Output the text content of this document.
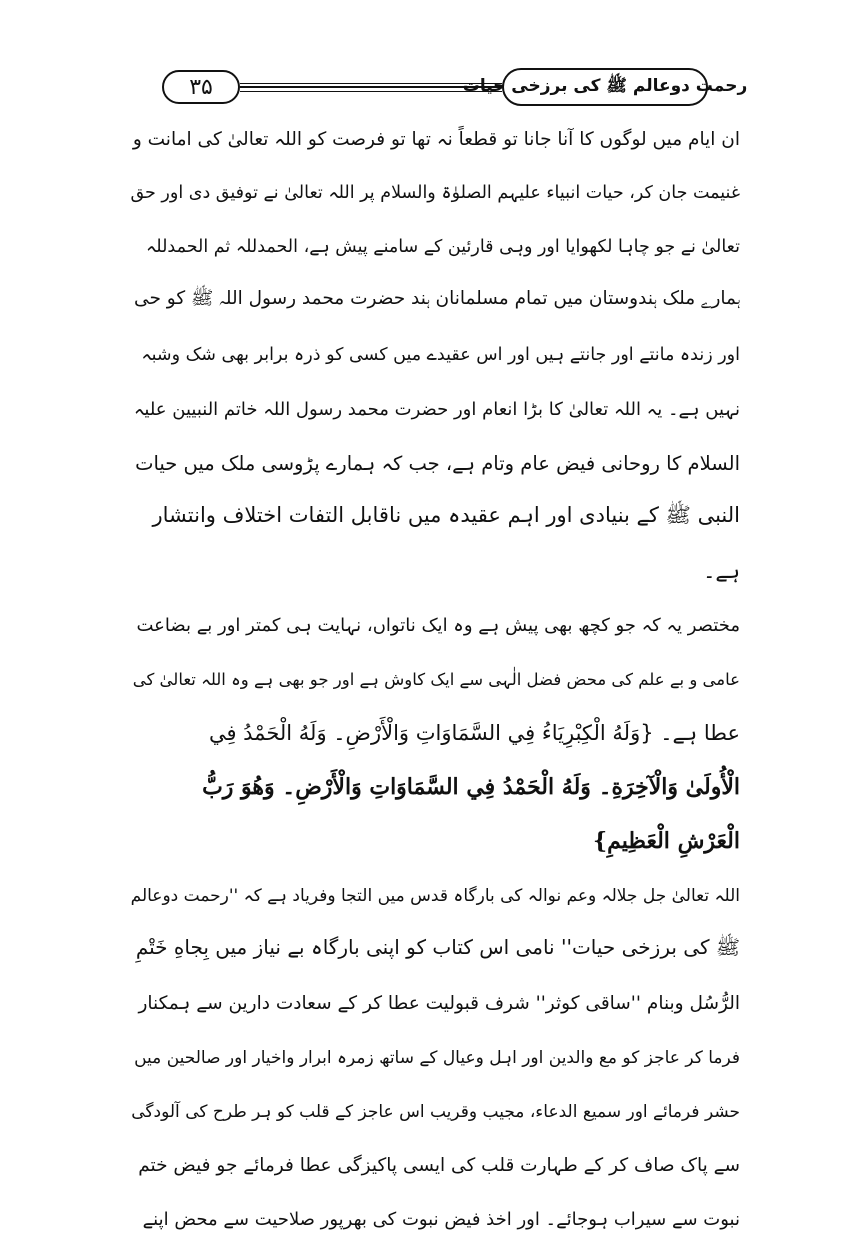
۳۵	رحمت دوعالم ﷺ کی برزخی حیات
ان ایام میں لوگوں کا آنا جانا تو قطعاً نہ تھا تو فرصت کو اللہ تعالیٰ کی امانت و
غنیمت جان کر، حیات انبیاء علیہم الصلوٰۃ والسلام پر اللہ تعالیٰ نے توفیق دی اور حق
تعالیٰ نے جو چاہا لکھوایا اور وہی قارئین کے سامنے پیش ہے، الحمدللہ ثم الحمدللہ
ہمارے ملک ہندوستان میں تمام مسلمانان ہند حضرت محمد رسول اللہ ﷺ کو حی
اور زندہ مانتے اور جانتے ہیں اور اس عقیدے میں کسی کو ذرہ برابر بھی شک وشبہ
نہیں ہے۔ یہ اللہ تعالیٰ کا بڑا انعام اور حضرت محمد رسول اللہ خاتم النبیین علیہ
السلام کا روحانی فیض عام وتام ہے، جب کہ ہمارے پڑوسی ملک میں حیات
النبی ﷺ کے بنیادی اور اہم عقیدہ میں ناقابل التفات اختلاف وانتشار
ہے۔
مختصر یہ کہ جو کچھ بھی پیش ہے وہ ایک ناتواں، نہایت ہی کمتر اور بے بضاعت
عامی و بے علم کی محض فضل الٰہی سے ایک کاوش ہے اور جو بھی ہے وہ اللہ تعالیٰ کی
عطا ہے۔ {وَلَهُ الْكِبْرِيَاءُ فِي السَّمَاوَاتِ وَالْأَرْضِ۔ وَلَهُ الْحَمْدُ فِي
الْأُولَىٰ وَالْآخِرَةِ۔ وَلَهُ الْحَمْدُ فِي السَّمَاوَاتِ وَالْأَرْضِ۔ وَهُوَ رَبُّ
الْعَرْشِ الْعَظِيمِ}
اللہ تعالیٰ جل جلالہ وعم نوالہ کی بارگاہ قدس میں التجا وفریاد ہے کہ ''رحمت دوعالم
ﷺ کی برزخی حیات'' نامی اس کتاب کو اپنی بارگاہ بے نیاز میں بِجاهِ خَتْمِ
الرُّسُل وبنام ''ساقی کوثر'' شرف قبولیت عطا کر کے سعادت دارین سے ہمکنار
فرما کر عاجز کو مع والدین اور اہل وعیال کے ساتھ زمرہ ابرار واخیار اور صالحین میں
حشر فرمائے اور سمیع الدعاء، مجیب وقریب اس عاجز کے قلب کو ہر طرح کی آلودگی
سے پاک صاف کر کے طہارت قلب کی ایسی پاکیزگی عطا فرمائے جو فیض ختم
نبوت سے سیراب ہوجائے۔ اور اخذ فیض نبوت کی بھرپور صلاحیت سے محض اپنے
